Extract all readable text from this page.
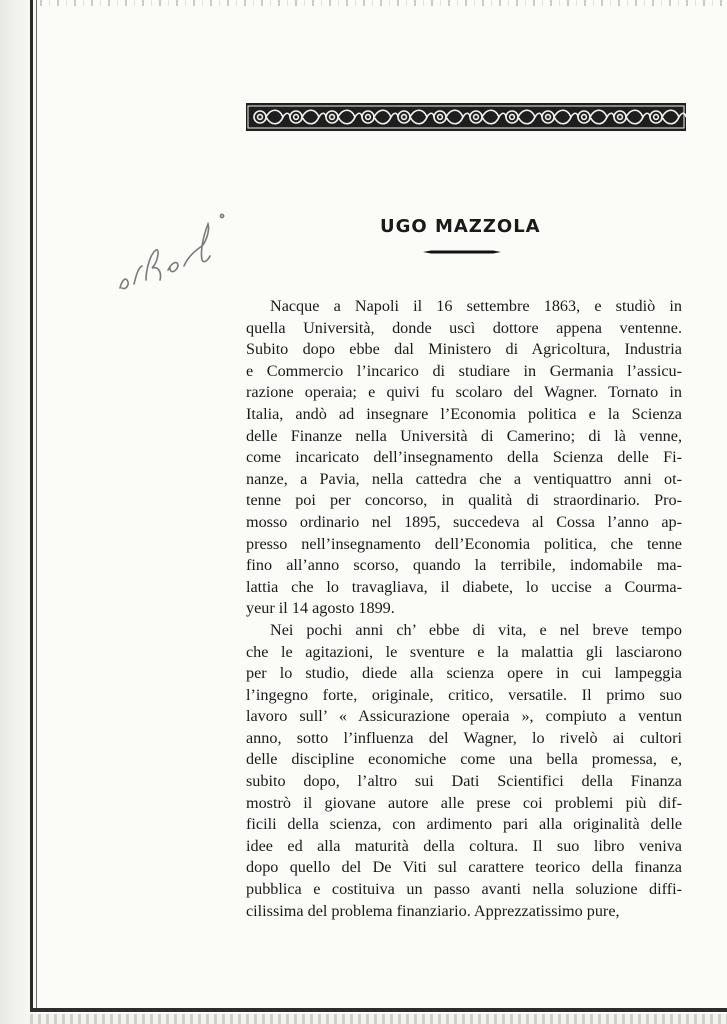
UGO MAZZOLA
Nacque a Napoli il 16 settembre 1863, e studiò in
quella Università, donde uscì dottore appena ventenne.
Subito dopo ebbe dal Ministero di Agricoltura, Industria
e Commercio l’incarico di studiare in Germania l’assicu-
razione operaia; e quivi fu scolaro del Wagner. Tornato in
Italia, andò ad insegnare l’Economia politica e la Scienza
delle Finanze nella Università di Camerino; di là venne,
come incaricato dell’insegnamento della Scienza delle Fi-
nanze, a Pavia, nella cattedra che a ventiquattro anni ot-
tenne poi per concorso, in qualità di straordinario. Pro-
mosso ordinario nel 1895, succedeva al Cossa l’anno ap-
presso nell’insegnamento dell’Economia politica, che tenne
fino all’anno scorso, quando la terribile, indomabile ma-
lattia che lo travagliava, il diabete, lo uccise a Courma-
yeur il 14 agosto 1899.
Nei pochi anni ch’ ebbe di vita, e nel breve tempo
che le agitazioni, le sventure e la malattia gli lasciarono
per lo studio, diede alla scienza opere in cui lampeggia
l’ingegno forte, originale, critico, versatile. Il primo suo
lavoro sull’ « Assicurazione operaia », compiuto a ventun
anno, sotto l’influenza del Wagner, lo rivelò ai cultori
delle discipline economiche come una bella promessa, e,
subito dopo, l’altro sui Dati Scientifici della Finanza
mostrò il giovane autore alle prese coi problemi più dif-
ficili della scienza, con ardimento pari alla originalità delle
idee ed alla maturità della coltura. Il suo libro veniva
dopo quello del De Viti sul carattere teorico della finanza
pubblica e costituiva un passo avanti nella soluzione diffi-
cilissima del problema finanziario. Apprezzatissimo pure,
